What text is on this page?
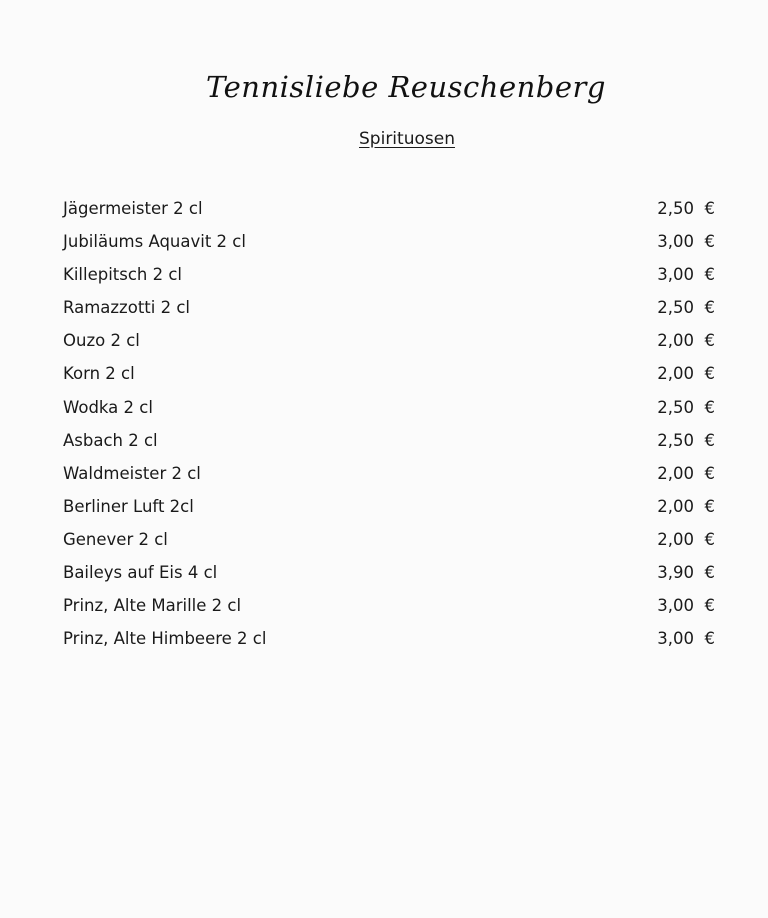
Tennisliebe Reuschenberg
Spirituosen
Jägermeister 2 cl	2,50 €
Jubiläums Aquavit 2 cl	3,00 €
Killepitsch 2 cl	3,00 €
Ramazzotti 2 cl	2,50 €
Ouzo 2 cl	2,00 €
Korn 2 cl	2,00 €
Wodka 2 cl	2,50 €
Asbach 2 cl	2,50 €
Waldmeister 2 cl	2,00 €
Berliner Luft 2cl	2,00 €
Genever 2 cl	2,00 €
Baileys auf Eis 4 cl	3,90 €
Prinz, Alte Marille 2 cl	3,00 €
Prinz, Alte Himbeere 2 cl	3,00 €
